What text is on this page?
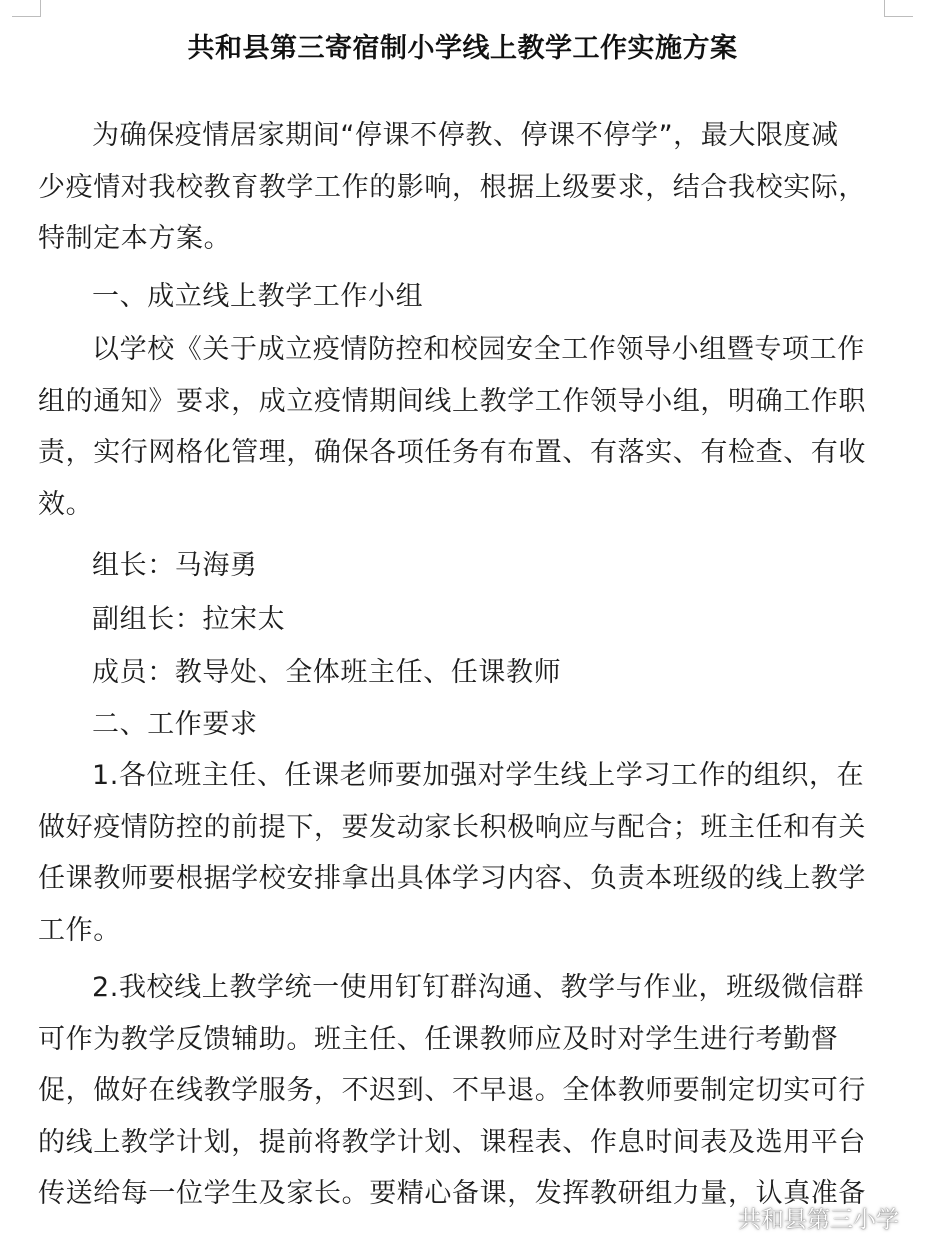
共和县第三寄宿制小学线上教学工作实施方案

为确保疫情居家期间“停课不停教、停课不停学”，最大限度减少疫情对我校教育教学工作的影响，根据上级要求，结合我校实际，特制定本方案。

一、成立线上教学工作小组

以学校《关于成立疫情防控和校园安全工作领导小组暨专项工作组的通知》要求，成立疫情期间线上教学工作领导小组，明确工作职责，实行网格化管理，确保各项任务有布置、有落实、有检查、有收效。

组长：马海勇

副组长：拉宋太

成员：教导处、全体班主任、任课教师

二、工作要求

1.各位班主任、任课老师要加强对学生线上学习工作的组织，在做好疫情防控的前提下，要发动家长积极响应与配合；班主任和有关任课教师要根据学校安排拿出具体学习内容、负责本班级的线上教学工作。

2.我校线上教学统一使用钉钉群沟通、教学与作业，班级微信群可作为教学反馈辅助。班主任、任课教师应及时对学生进行考勤督促，做好在线教学服务，不迟到、不早退。全体教师要制定切实可行的线上教学计划，提前将教学计划、课程表、作息时间表及选用平台传送给每一位学生及家长。要精心备课，发挥教研组力量，认真准备

共和县第三小学
